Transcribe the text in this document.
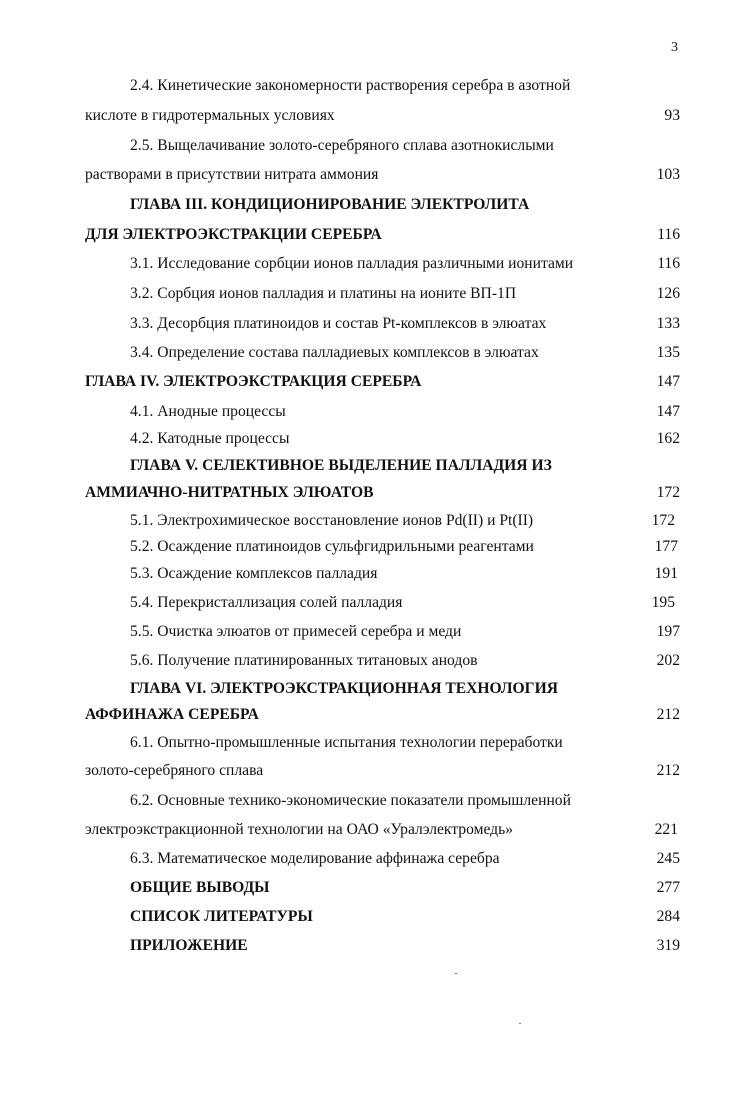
3
2.4. Кинетические закономерности растворения серебра в азотной
кислоте в гидротермальных условиях	93
2.5. Выщелачивание золото-серебряного сплава азотнокислыми
растворами в присутствии нитрата аммония	103
ГЛАВА III. КОНДИЦИОНИРОВАНИЕ ЭЛЕКТРОЛИТА
ДЛЯ ЭЛЕКТРОЭКСТРАКЦИИ СЕРЕБРА	116
3.1. Исследование сорбции ионов палладия различными ионитами	116
3.2. Сорбция ионов палладия и платины на ионите ВП-1П	126
3.3. Десорбция платиноидов и состав Pt-комплексов в элюатах	133
3.4. Определение состава палладиевых комплексов в элюатах	135
ГЛАВА IV. ЭЛЕКТРОЭКСТРАКЦИЯ СЕРЕБРА	147
4.1. Анодные процессы	147
4.2. Катодные процессы	162
ГЛАВА V. СЕЛЕКТИВНОЕ ВЫДЕЛЕНИЕ ПАЛЛАДИЯ ИЗ
АММИАЧНО-НИТРАТНЫХ ЭЛЮАТОВ	172
5.1. Электрохимическое восстановление ионов Pd(II) и Pt(II)	172
5.2. Осаждение платиноидов сульфгидрильными реагентами	177
5.3. Осаждение комплексов палладия	191
5.4. Перекристаллизация солей палладия	195
5.5. Очистка элюатов от примесей серебра и меди	197
5.6. Получение платинированных титановых анодов	202
ГЛАВА VI. ЭЛЕКТРОЭКСТРАКЦИОННАЯ ТЕХНОЛОГИЯ
АФФИНАЖА СЕРЕБРА	212
6.1. Опытно-промышленные испытания технологии переработки
золото-серебряного сплава	212
6.2. Основные технико-экономические показатели промышленной
электроэкстракционной технологии на ОАО «Уралэлектромедь»	221
6.3. Математическое моделирование аффинажа серебра	245
ОБЩИЕ ВЫВОДЫ	277
СПИСОК ЛИТЕРАТУРЫ	284
ПРИЛОЖЕНИЕ	319
